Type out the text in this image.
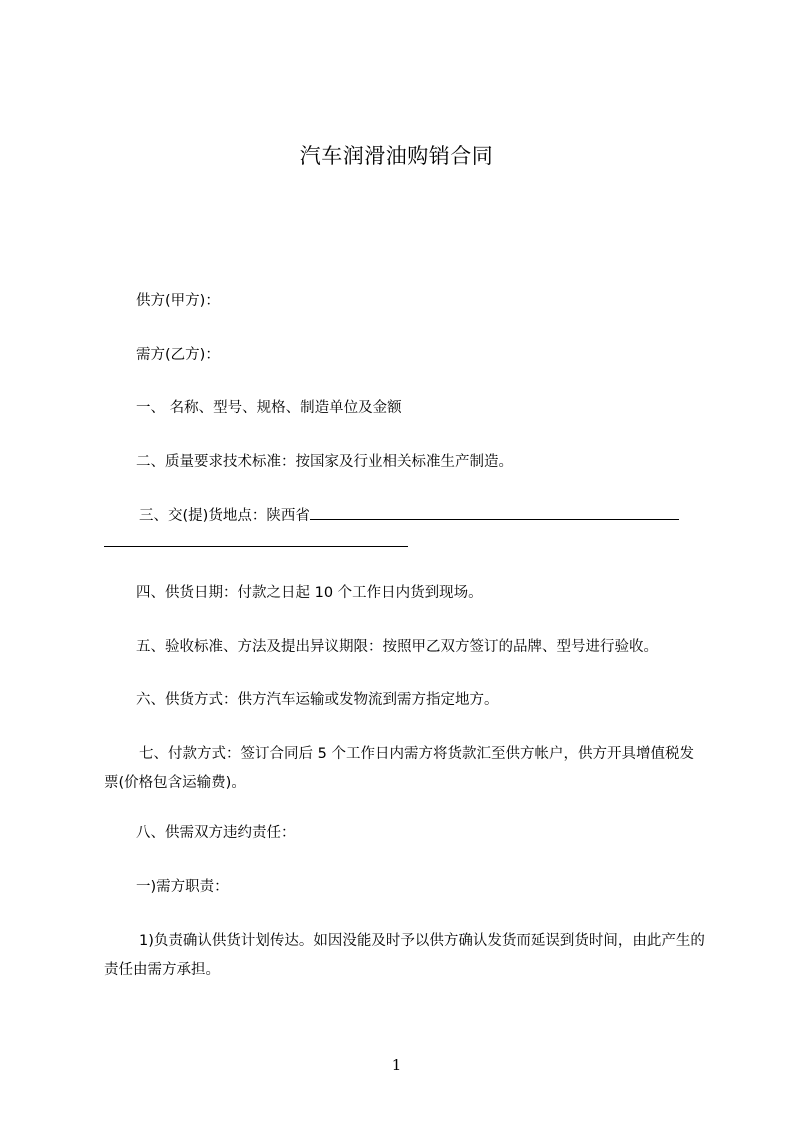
汽车润滑油购销合同
供方(甲方)：
需方(乙方)：
一、 名称、型号、规格、制造单位及金额
二、质量要求技术标准：按国家及行业相关标准生产制造。
三、交(提)货地点：陕西省
四、供货日期：付款之日起 10 个工作日内货到现场。
五、验收标准、方法及提出异议期限：按照甲乙双方签订的品牌、型号进行验收。
六、供货方式：供方汽车运输或发物流到需方指定地方。
七、付款方式：签订合同后 5 个工作日内需方将货款汇至供方帐户，供方开具增值税发票(价格包含运输费)。
八、供需双方违约责任：
一)需方职责：
1)负责确认供货计划传达。如因没能及时予以供方确认发货而延误到货时间，由此产生的责任由需方承担。
1
